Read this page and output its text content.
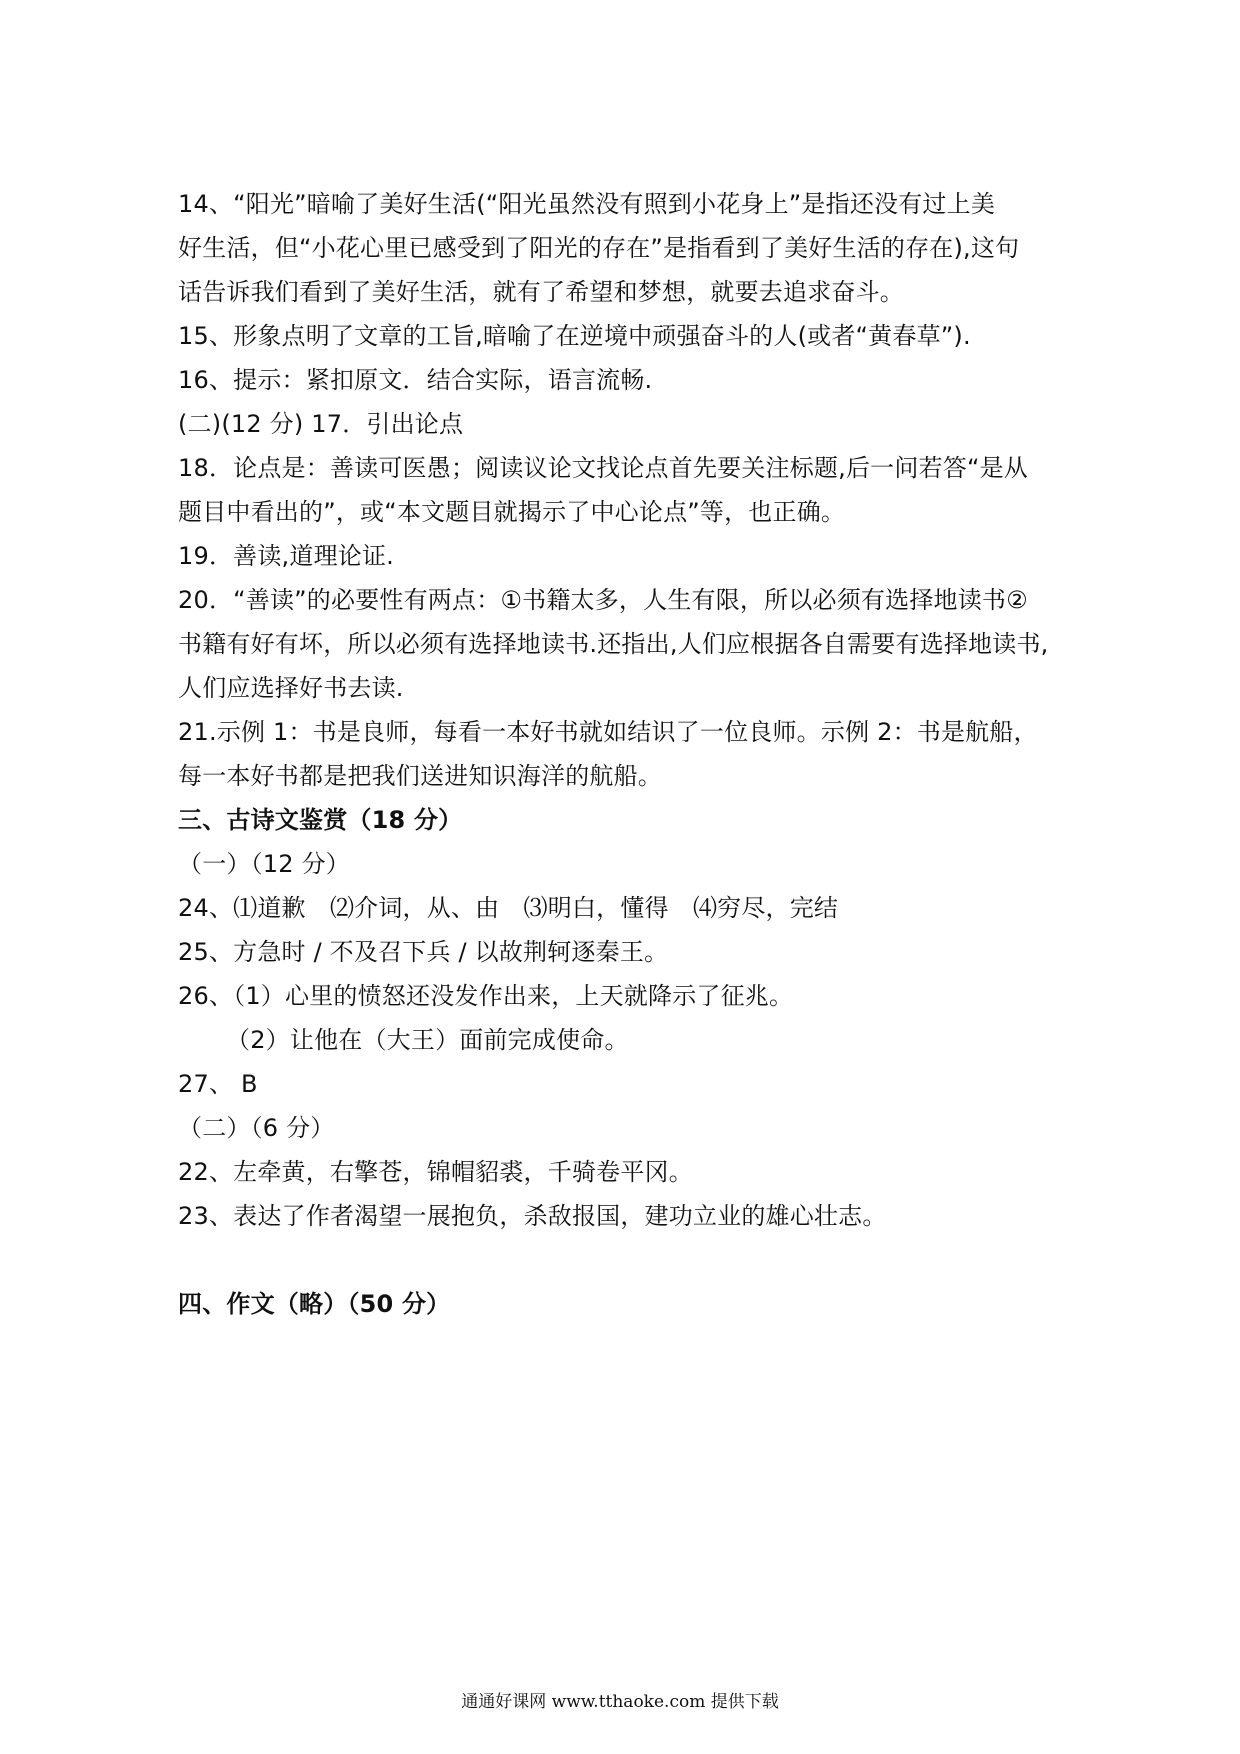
14、“阳光”暗喻了美好生活(“阳光虽然没有照到小花身上”是指还没有过上美
好生活，但“小花心里已感受到了阳光的存在”是指看到了美好生活的存在),这句
话告诉我们看到了美好生活，就有了希望和梦想，就要去追求奋斗。
15、形象点明了文章的工旨,暗喻了在逆境中顽强奋斗的人(或者“黄春草”).
16、提示：紧扣原文．结合实际，语言流畅.
(二)(12 分) 17．引出论点
18．论点是：善读可医愚；阅读议论文找论点首先要关注标题,后一问若答“是从
题目中看出的”，或“本文题目就揭示了中心论点”等，也正确。
19．善读,道理论证.
20．“善读”的必要性有两点：①书籍太多，人生有限，所以必须有选择地读书②
书籍有好有坏，所以必须有选择地读书.还指出,人们应根据各自需要有选择地读书,
人们应选择好书去读.
21.示例 1：书是良师，每看一本好书就如结识了一位良师。示例 2：书是航船，
每一本好书都是把我们送进知识海洋的航船。
三、古诗文鉴赏（18 分）
（一）（12 分）
24、⑴道歉　⑵介词，从、由　⑶明白，懂得　⑷穷尽，完结
25、方急时 / 不及召下兵 / 以故荆轲逐秦王。
26、（1）心里的愤怒还没发作出来，上天就降示了征兆。
（2）让他在（大王）面前完成使命。
27、 B
（二）（6 分）
22、左牵黄，右擎苍，锦帽貂裘，千骑卷平冈。
23、表达了作者渴望一展抱负，杀敌报国，建功立业的雄心壮志。
四、作文（略）（50 分）
通通好课网 www.tthaoke.com 提供下载
